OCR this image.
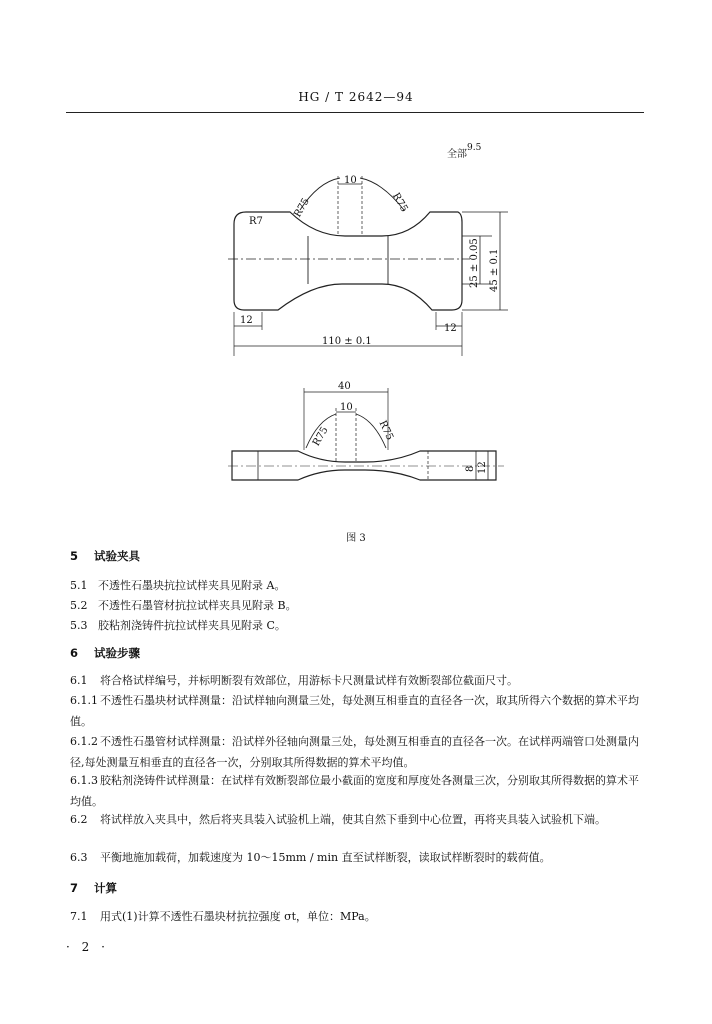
HG / T 2642—94
全部$^{9.5}$
10
R75	R75
R7
25 ± 0.05 45 ± 0.1
12
12
110 ± 0.1
40
10
R75	R75
8 12
图 3
5 试验夹具
5.1 不透性石墨块抗拉试样夹具见附录 A。
5.2 不透性石墨管材抗拉试样夹具见附录 B。
5.3 胶粘剂浇铸件抗拉试样夹具见附录 C。
6 试验步骤
6.1 将合格试样编号，并标明断裂有效部位，用游标卡尺测量试样有效断裂部位截面尺寸。
6.1.1 不透性石墨块材试样测量：沿试样轴向测量三处，每处测互相垂直的直径各一次，取其所得六个数据的算术平均值。
6.1.2 不透性石墨管材试样测量：沿试样外径轴向测量三处，每处测互相垂直的直径各一次。在试样两端管口处测量内径,每处测量互相垂直的直径各一次，分别取其所得数据的算术平均值。
6.1.3 胶粘剂浇铸件试样测量：在试样有效断裂部位最小截面的宽度和厚度处各测量三次，分别取其所得数据的算术平均值。
6.2 将试样放入夹具中，然后将夹具装入试验机上端，使其自然下垂到中心位置，再将夹具装入试验机下端。
6.3 平衡地施加载荷，加载速度为 10～15mm / min 直至试样断裂，读取试样断裂时的载荷值。
7 计算
7.1 用式(1)计算不透性石墨块材抗拉强度 σt，单位：MPa。
· 2 ·
